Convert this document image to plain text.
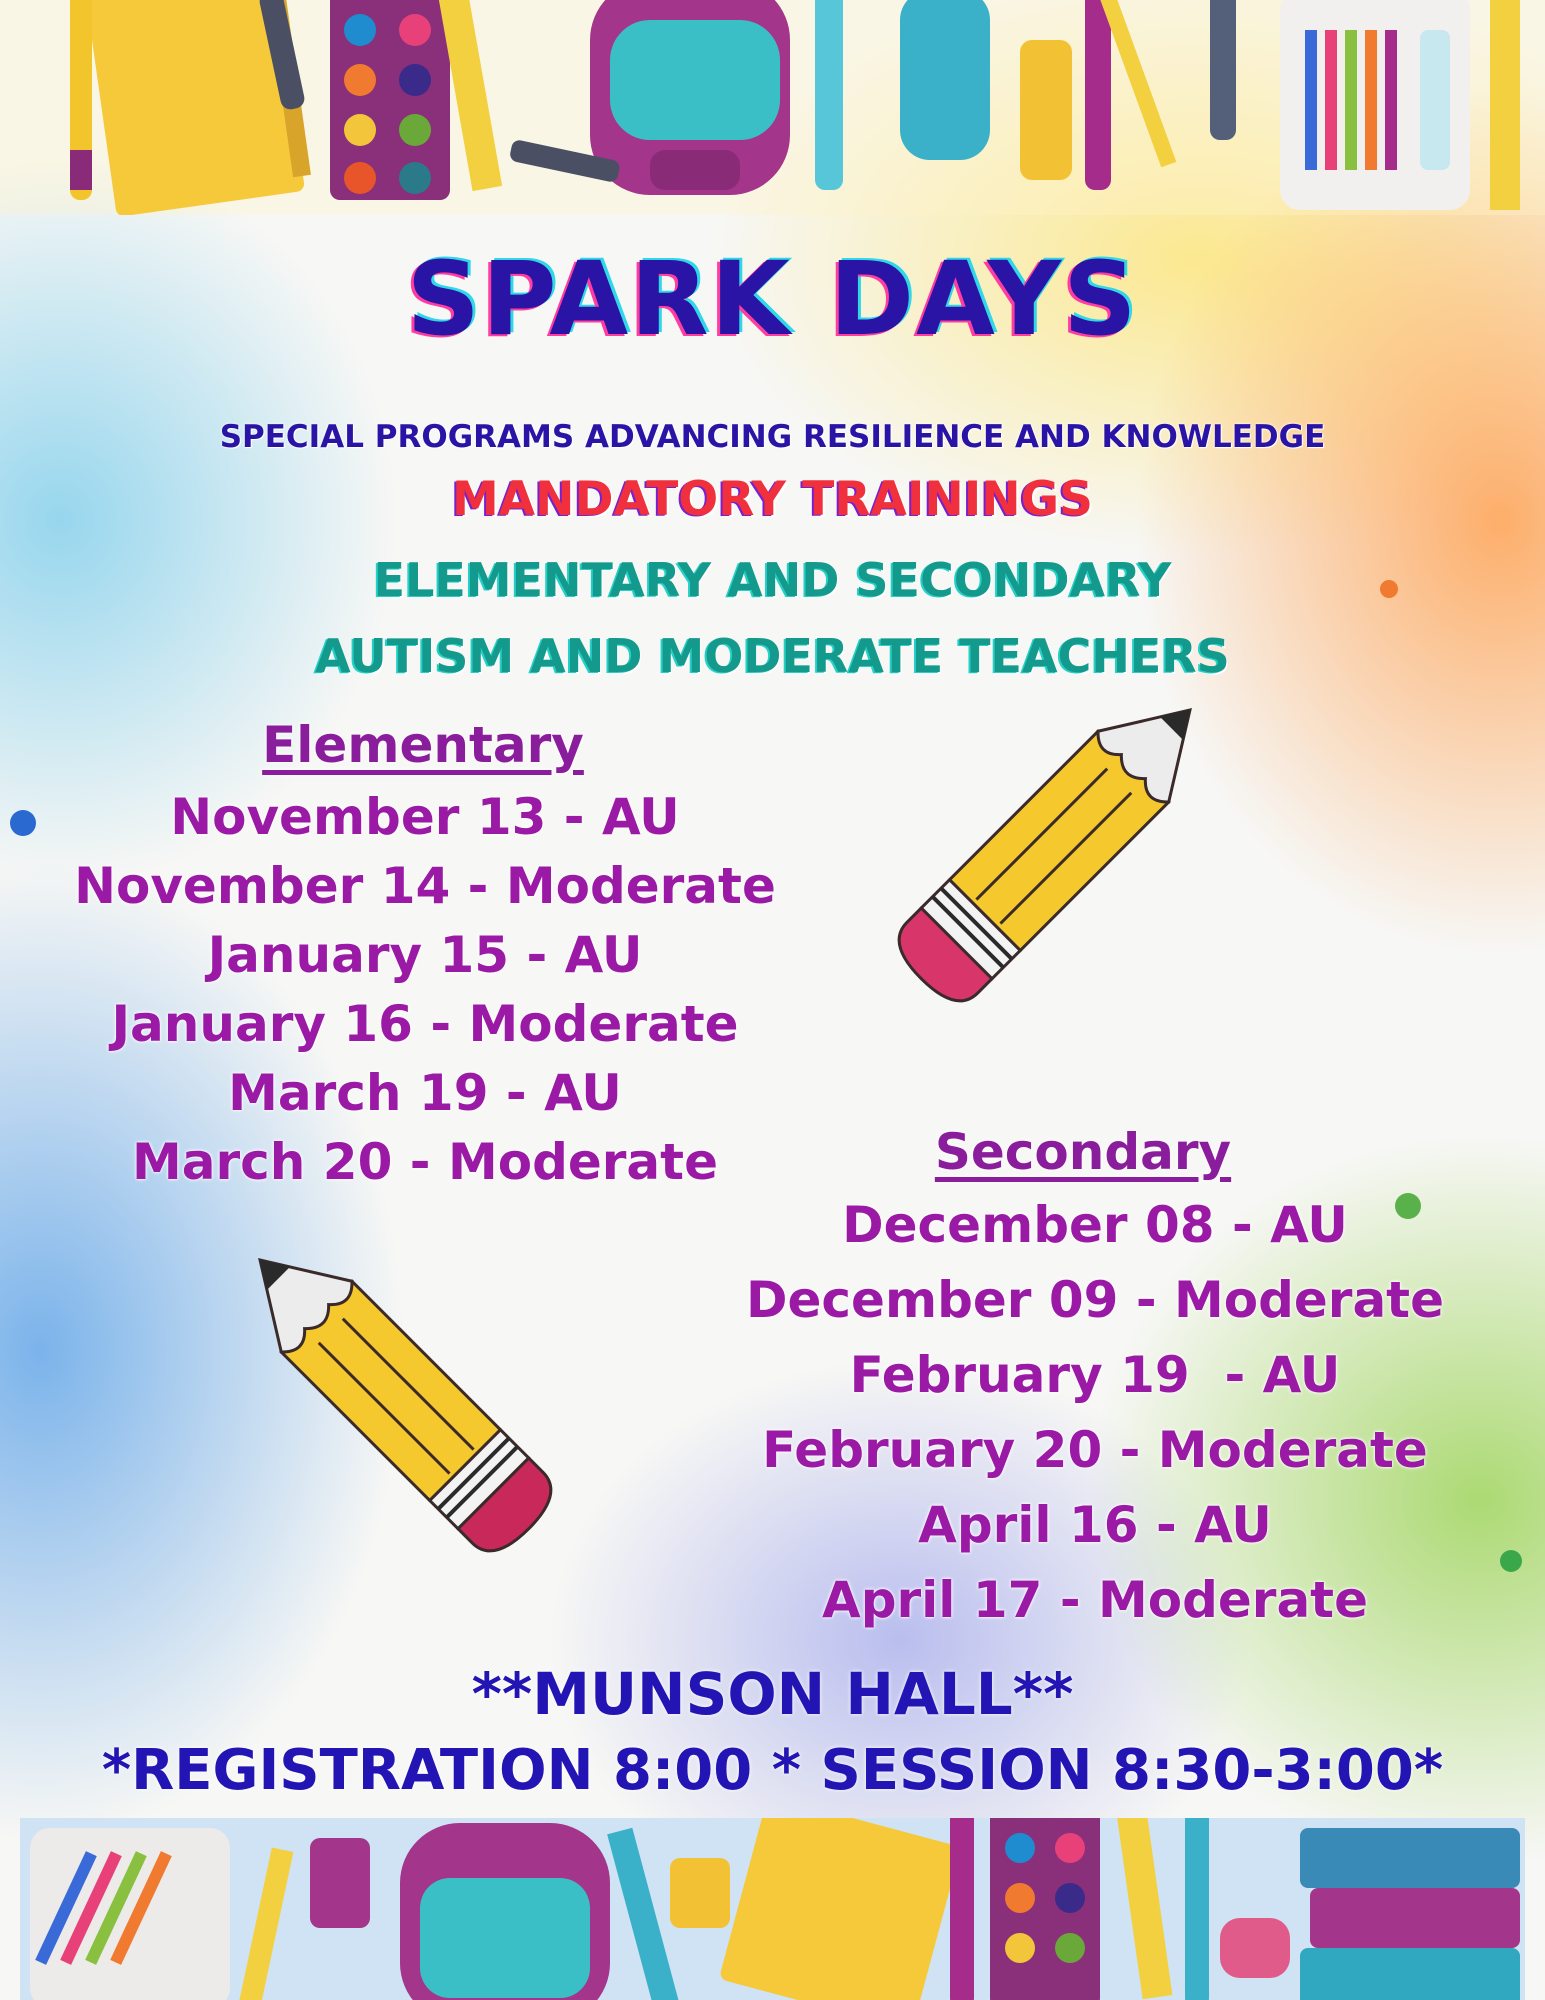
SPARK DAYS
SPECIAL PROGRAMS ADVANCING RESILIENCE AND KNOWLEDGE
MANDATORY TRAININGS
ELEMENTARY AND SECONDARY
AUTISM AND MODERATE TEACHERS
Elementary
November 13 - AU
November 14 - Moderate
January 15 - AU
January 16 - Moderate
March 19 - AU
March 20 - Moderate	Secondary
December 08 - AU
December 09 - Moderate
February 19  - AU
February 20 - Moderate
April 16 - AU
April 17 - Moderate
**MUNSON HALL**
*REGISTRATION 8:00 * SESSION 8:30-3:00*
